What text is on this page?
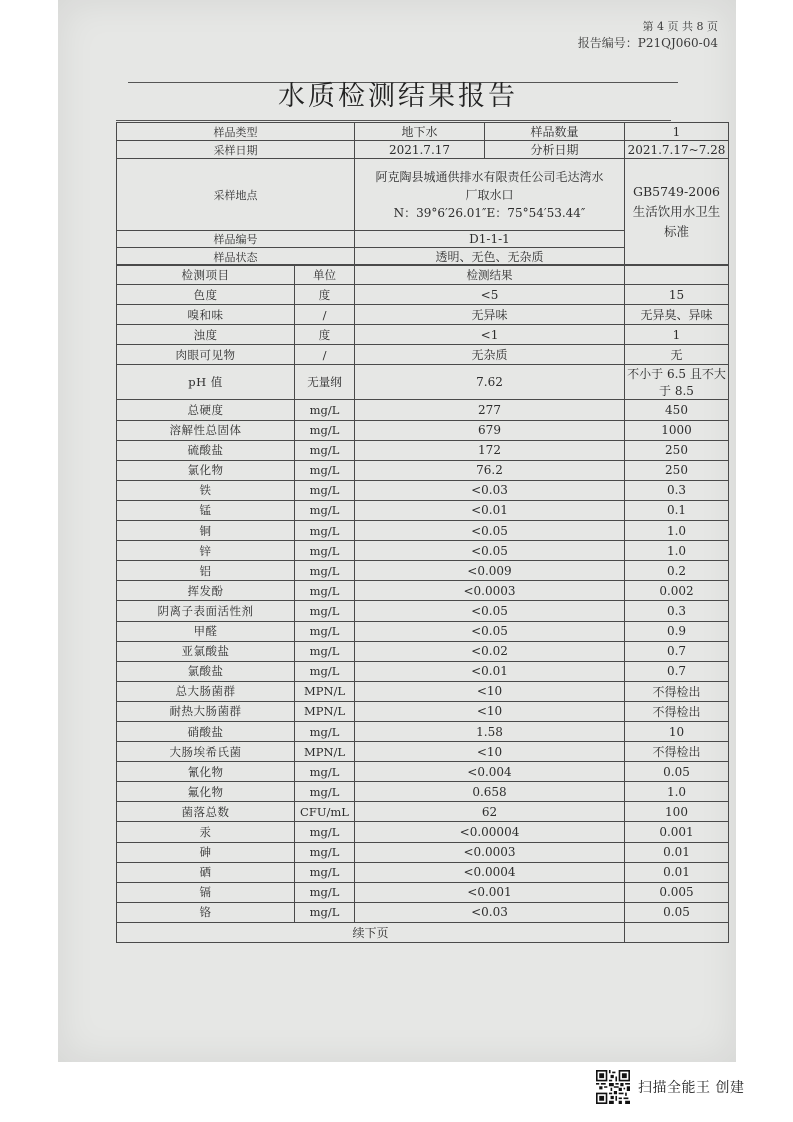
第 4 页 共 8 页
报告编号：P21QJ060-04
水质检测结果报告
样品类型	地下水	样品数量	1
采样日期	2021.7.17	分析日期	2021.7.17~7.28
采样地点	阿克陶县城通供排水有限责任公司毛达湾水
厂取水口
N：39°6′26.01″E：75°54′53.44″		GB5749-2006 生活饮用水卫生标准
样品编号	D1-1-1		
样品状态	透明、无色、无杂质		
检测项目	单位	检测结果	
色度	度	<5	15
嗅和味	/	无异味	无异臭、异味
浊度	度	<1	1
肉眼可见物	/	无杂质	无
pH 值	无量纲	7.62	不小于 6.5 且不大于 8.5
总硬度	mg/L	277	450
溶解性总固体	mg/L	679	1000
硫酸盐	mg/L	172	250
氯化物	mg/L	76.2	250
铁	mg/L	<0.03	0.3
锰	mg/L	<0.01	0.1
铜	mg/L	<0.05	1.0
锌	mg/L	<0.05	1.0
铝	mg/L	<0.009	0.2
挥发酚	mg/L	<0.0003	0.002
阴离子表面活性剂	mg/L	<0.05	0.3
甲醛	mg/L	<0.05	0.9
亚氯酸盐	mg/L	<0.02	0.7
氯酸盐	mg/L	<0.01	0.7
总大肠菌群	MPN/L	<10	不得检出
耐热大肠菌群	MPN/L	<10	不得检出
硝酸盐	mg/L	1.58	10
大肠埃希氏菌	MPN/L	<10	不得检出
氰化物	mg/L	<0.004	0.05
氟化物	mg/L	0.658	1.0
菌落总数	CFU/mL	62	100
汞	mg/L	<0.00004	0.001
砷	mg/L	<0.0003	0.01
硒	mg/L	<0.0004	0.01
镉	mg/L	<0.001	0.005
铬	mg/L	<0.03	0.05
续下页			
扫描全能王 创建
